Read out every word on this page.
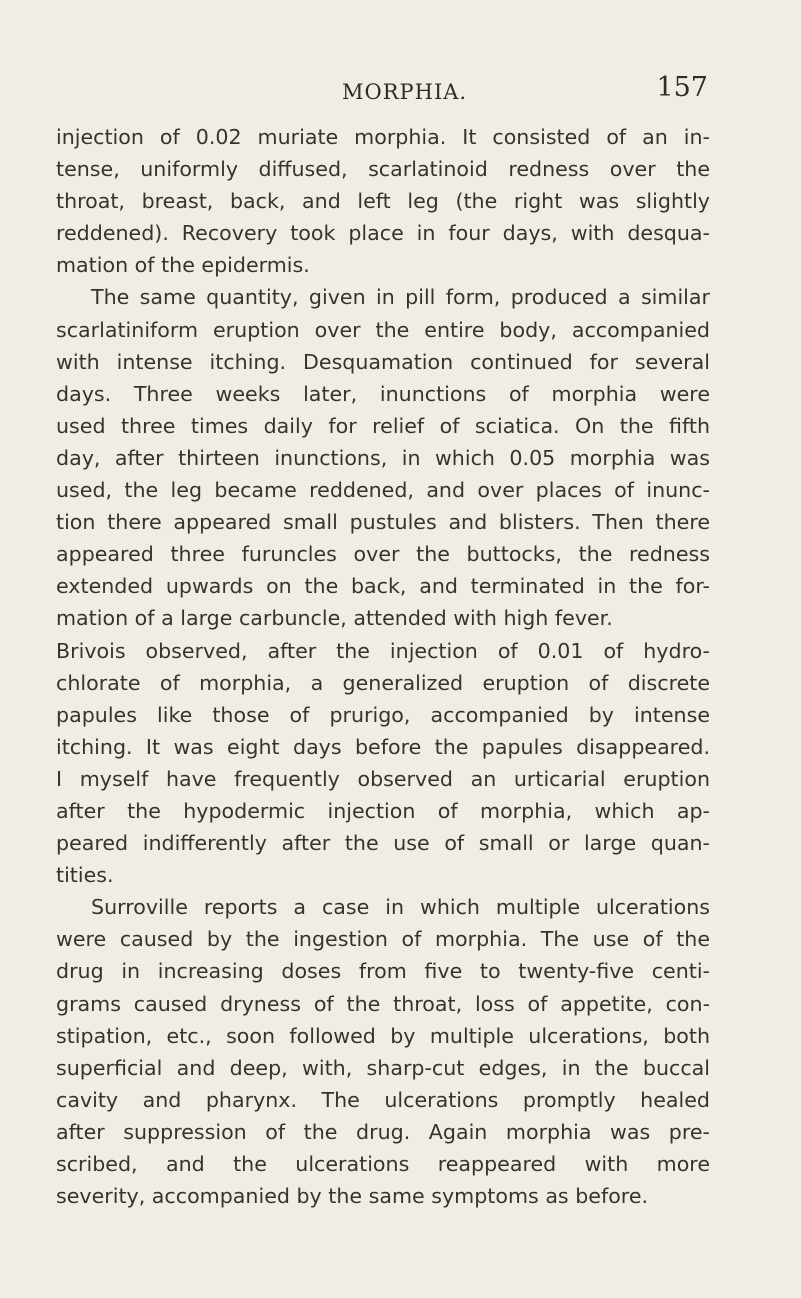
MORPHIA.	157
injection of 0.02 muriate morphia. It consisted of an in-
tense, uniformly diffused, scarlatinoid redness over the
throat, breast, back, and left leg (the right was slightly
reddened). Recovery took place in four days, with desqua-
mation of the epidermis.
The same quantity, given in pill form, produced a similar
scarlatiniform eruption over the entire body, accompanied
with intense itching. Desquamation continued for several
days. Three weeks later, inunctions of morphia were
used three times daily for relief of sciatica. On the fifth
day, after thirteen inunctions, in which 0.05 morphia was
used, the leg became reddened, and over places of inunc-
tion there appeared small pustules and blisters. Then there
appeared three furuncles over the buttocks, the redness
extended upwards on the back, and terminated in the for-
mation of a large carbuncle, attended with high fever.
Brivois observed, after the injection of 0.01 of hydro-
chlorate of morphia, a generalized eruption of discrete
papules like those of prurigo, accompanied by intense
itching. It was eight days before the papules disappeared.
I myself have frequently observed an urticarial eruption
after the hypodermic injection of morphia, which ap-
peared indifferently after the use of small or large quan-
tities.
Surroville reports a case in which multiple ulcerations
were caused by the ingestion of morphia. The use of the
drug in increasing doses from five to twenty-five centi-
grams caused dryness of the throat, loss of appetite, con-
stipation, etc., soon followed by multiple ulcerations, both
superficial and deep, with, sharp-cut edges, in the buccal
cavity and pharynx. The ulcerations promptly healed
after suppression of the drug. Again morphia was pre-
scribed, and the ulcerations reappeared with more
severity, accompanied by the same symptoms as before.
